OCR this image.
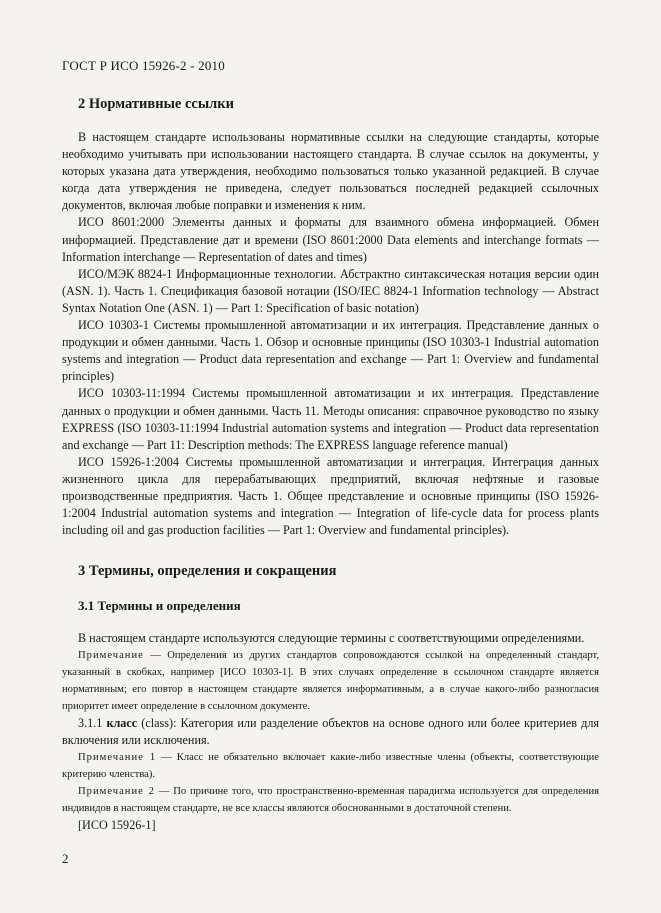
ГОСТ Р ИСО 15926-2 - 2010
2 Нормативные ссылки

В настоящем стандарте использованы нормативные ссылки на следующие стандарты, которые необходимо учитывать при использовании настоящего стандарта. В случае ссылок на документы, у которых указана дата утверждения, необходимо пользоваться только указанной редакцией. В случае когда дата утверждения не приведена, следует пользоваться последней редакцией ссылочных документов, включая любые поправки и изменения к ним.

ИСО 8601:2000 Элементы данных и форматы для взаимного обмена информацией. Обмен информацией. Представление дат и времени (ISO 8601:2000 Data elements and interchange formats — Information interchange — Representation of dates and times)

ИСО/МЭК 8824-1 Информационные технологии. Абстрактно синтаксическая нотация версии один (ASN. 1). Часть 1. Спецификация базовой нотации (ISO/IEC 8824-1 Information technology — Abstract Syntax Notation One (ASN. 1) — Part 1: Specification of basic notation)

ИСО 10303-1 Системы промышленной автоматизации и их интеграция. Представление данных о продукции и обмен данными. Часть 1. Обзор и основные принципы (ISO 10303-1 Industrial automation systems and integration — Product data representation and exchange — Part 1: Overview and fundamental principles)

ИСО 10303-11:1994 Системы промышленной автоматизации и их интеграция. Представление данных о продукции и обмен данными. Часть 11. Методы описания: справочное руководство по языку EXPRESS (ISO 10303-11:1994 Industrial automation systems and integration — Product data representation and exchange — Part 11: Description methods: The EXPRESS language reference manual)

ИСО 15926-1:2004 Системы промышленной автоматизации и интеграция. Интеграция данных жизненного цикла для перерабатывающих предприятий, включая нефтяные и газовые производственные предприятия. Часть 1. Общее представление и основные принципы (ISO 15926-1:2004 Industrial automation systems and integration — Integration of life-cycle data for process plants including oil and gas production facilities — Part 1: Overview and fundamental principles).

3 Термины, определения и сокращения
3.1 Термины и определения

В настоящем стандарте используются следующие термины с соответствующими определениями.

Примечание — Определения из других стандартов сопровождаются ссылкой на определенный стандарт, указанный в скобках, например [ИСО 10303-1]. В этих случаях определение в ссылочном стандарте является нормативным; его повтор в настоящем стандарте является информативным, а в случае какого-либо разногласия приоритет имеет определение в ссылочном документе.

3.1.1 класс (class): Категория или разделение объектов на основе одного или более критериев для включения или исключения.

Примечание 1 — Класс не обязательно включает какие-либо известные члены (объекты, соответствующие критерию членства).

Примечание 2 — По причине того, что пространственно-временная парадигма используется для определения индивидов в настоящем стандарте, не все классы являются обоснованными в достаточной степени.

[ИСО 15926-1]

2
